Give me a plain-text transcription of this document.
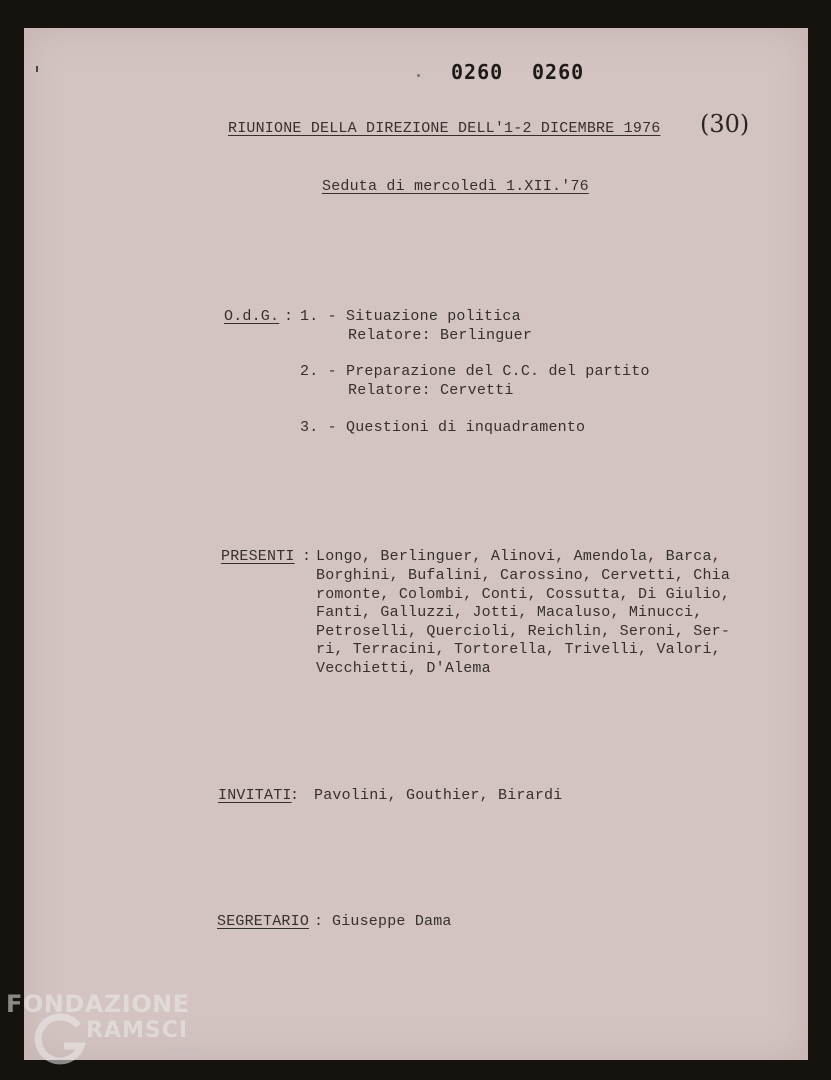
0260 0260
(30)
RIUNIONE DELLA DIREZIONE DELL'1-2 DICEMBRE 1976
Seduta di mercoledì 1.XII.'76
O.d.G. : 1. - Situazione politica
Relatore: Berlinguer
2. - Preparazione del C.C. del partito
Relatore: Cervetti
3. - Questioni di inquadramento
PRESENTI : Longo, Berlinguer, Alinovi, Amendola, Barca,
Borghini, Bufalini, Carossino, Cervetti, Chia
romonte, Colombi, Conti, Cossutta, Di Giulio,
Fanti, Galluzzi, Jotti, Macaluso, Minucci,
Petroselli, Quercioli, Reichlin, Seroni, Ser-
ri, Terracini, Tortorella, Trivelli, Valori,
Vecchietti, D'Alema
INVITATI
: Pavolini, Gouthier, Birardi
SEGRETARIO : Giuseppe Dama
FONDAZIONE
RAMSCI
onlus
